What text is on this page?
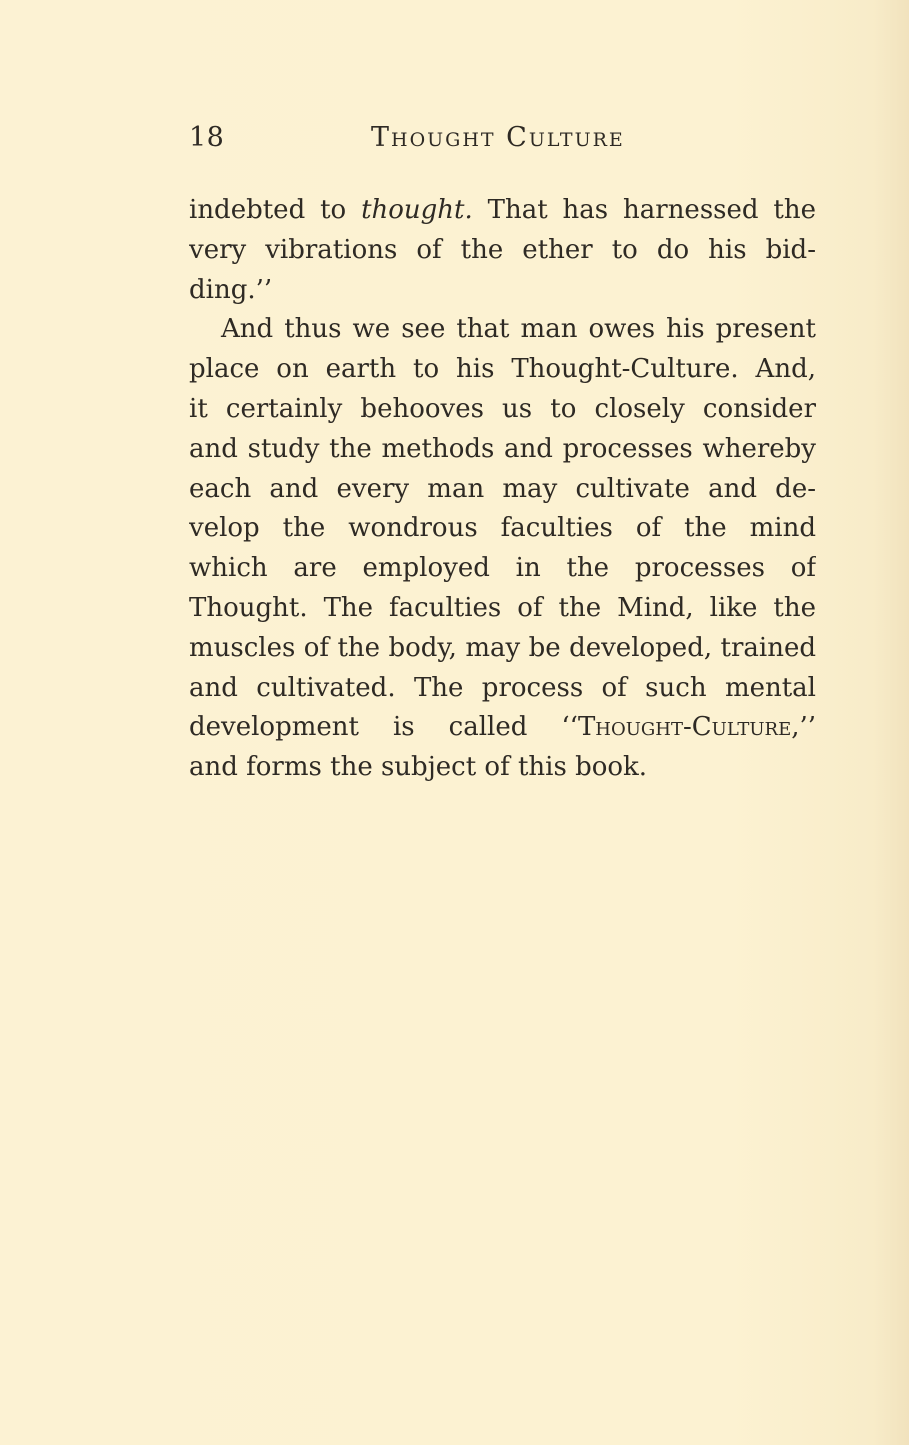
18	Thought Culture
indebted to thought. That has harnessed the
very vibrations of the ether to do his bid-
ding.’’
And thus we see that man owes his present
place on earth to his Thought-Culture. And,
it certainly behooves us to closely consider
and study the methods and processes whereby
each and every man may cultivate and de-
velop the wondrous faculties of the mind
which are employed in the processes of
Thought. The faculties of the Mind, like the
muscles of the body, may be developed, trained
and cultivated. The process of such mental
development is called ‘‘Thought-Culture,’’
and forms the subject of this book.
